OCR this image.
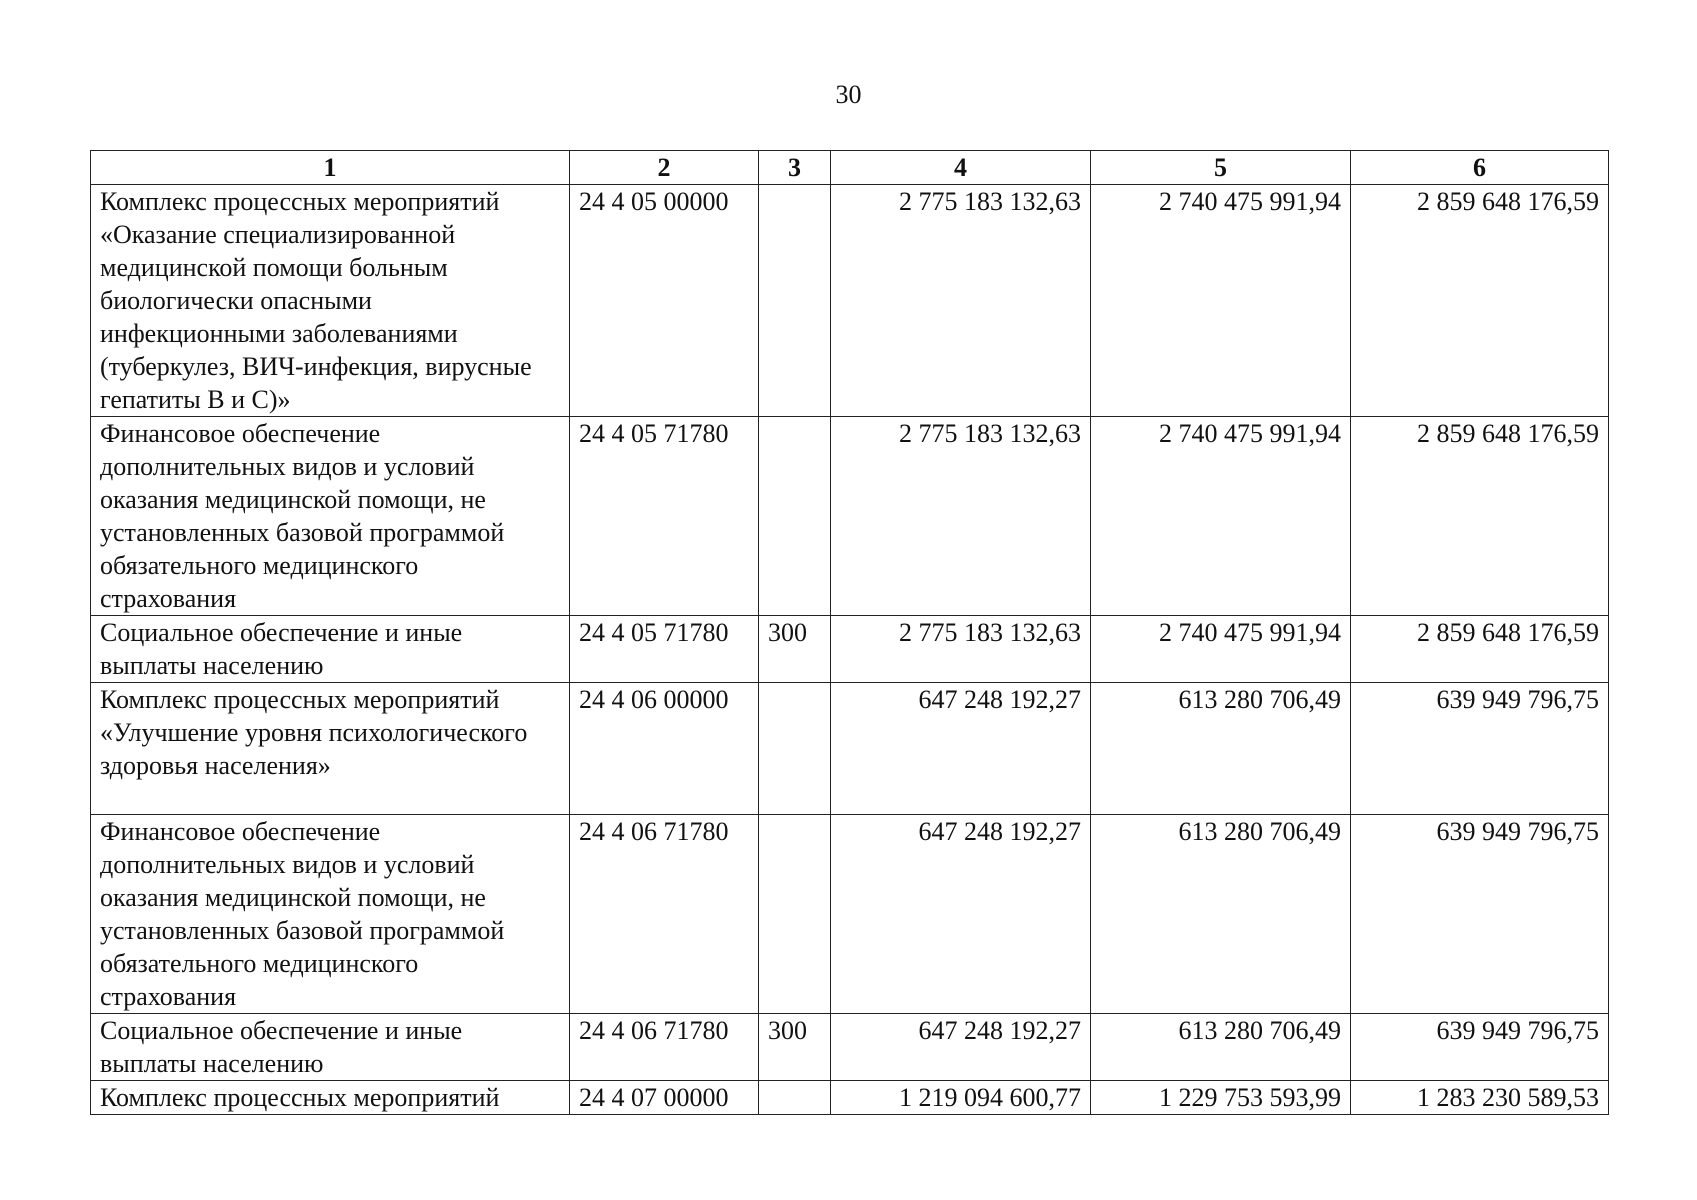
30
1	2	3	4	5	6
Комплекс процессных мероприятий «Оказание специализированной медицинской помощи больным биологически опасными инфекционными заболеваниями (туберкулез, ВИЧ-инфекция, вирусные гепатиты В и С)»	24 4 05 00000		2 775 183 132,63	2 740 475 991,94	2 859 648 176,59
Финансовое обеспечение дополнительных видов и условий оказания медицинской помощи, не установленных базовой программой обязательного медицинского страхования	24 4 05 71780		2 775 183 132,63	2 740 475 991,94	2 859 648 176,59
Социальное обеспечение и иные выплаты населению	24 4 05 71780	300	2 775 183 132,63	2 740 475 991,94	2 859 648 176,59
Комплекс процессных мероприятий «Улучшение уровня психологического здоровья населения»	24 4 06 00000		647 248 192,27	613 280 706,49	639 949 796,75
Финансовое обеспечение дополнительных видов и условий оказания медицинской помощи, не установленных базовой программой обязательного медицинского страхования	24 4 06 71780		647 248 192,27	613 280 706,49	639 949 796,75
Социальное обеспечение и иные выплаты населению	24 4 06 71780	300	647 248 192,27	613 280 706,49	639 949 796,75
Комплекс процессных мероприятий	24 4 07 00000		1 219 094 600,77	1 229 753 593,99	1 283 230 589,53
